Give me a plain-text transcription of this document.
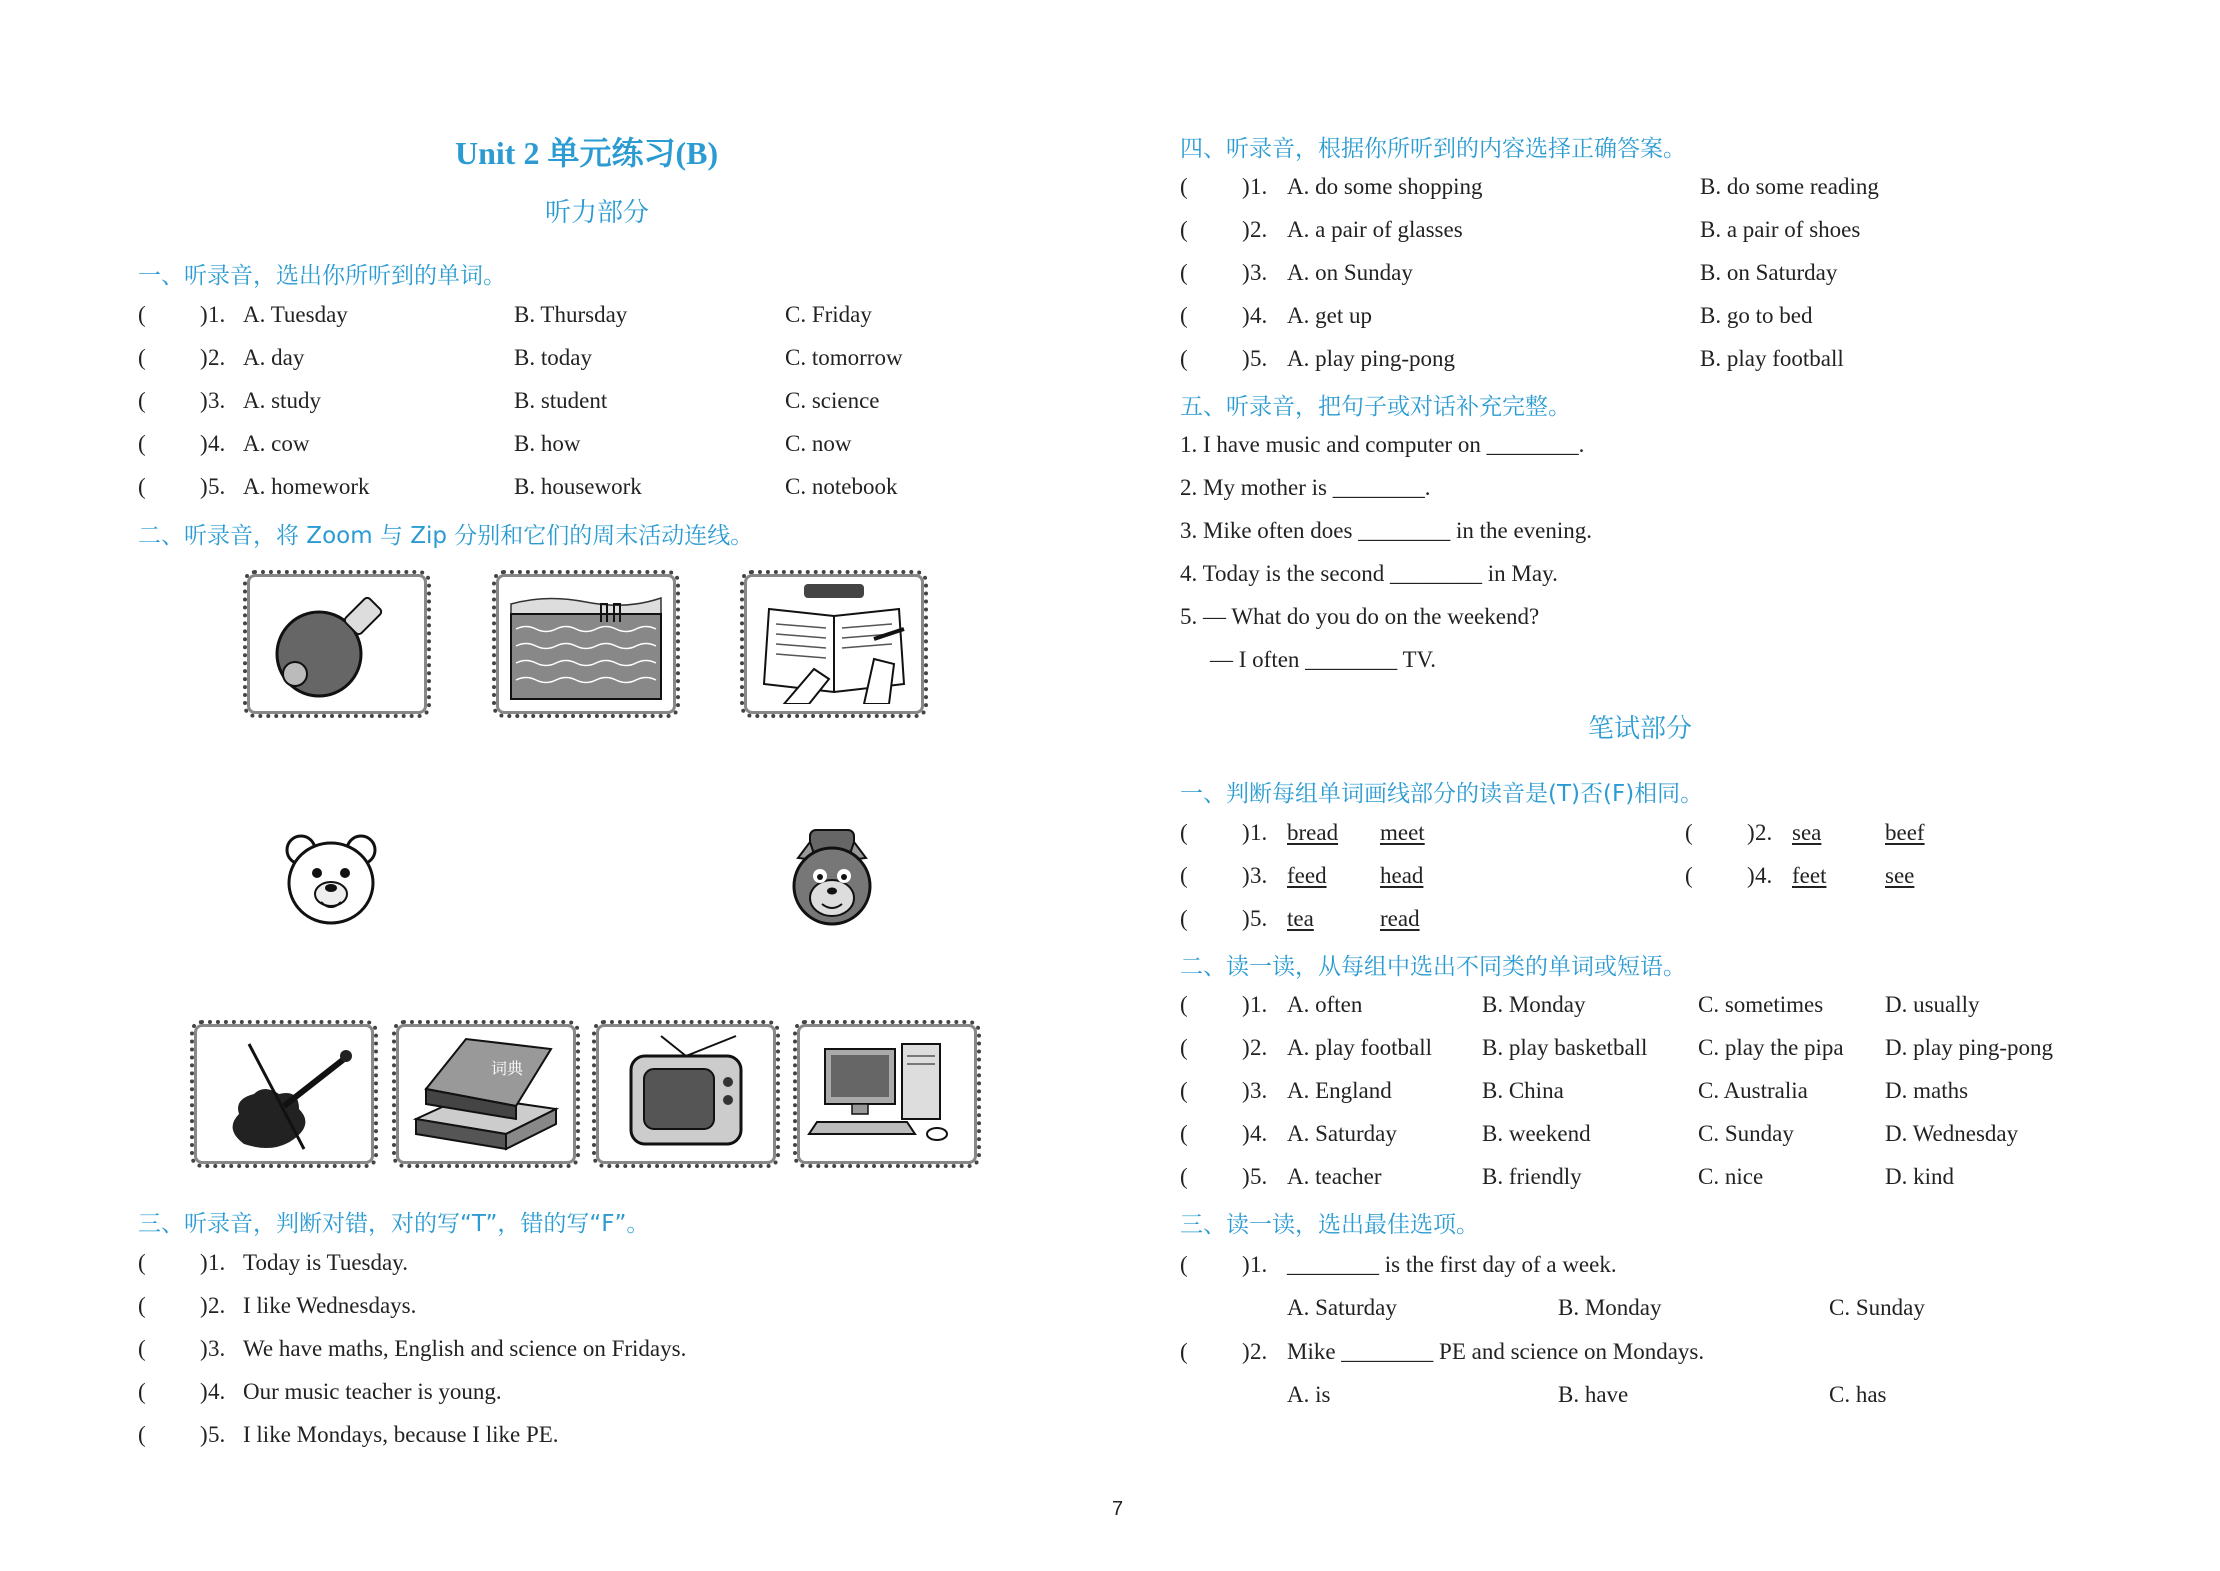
Unit 2 单元练习(B)
听力部分
一、听录音，选出你所听到的单词。
( ) 1. A. Tuesday	B. Thursday	C. Friday
( ) 2. A. day	B. today	C. tomorrow
( ) 3. A. study	B. student	C. science
( ) 4. A. cow	B. how	C. now
( ) 5. A. homework	B. housework	C. notebook
二、听录音，将 Zoom 与 Zip 分别和它们的周末活动连线。
词典
三、听录音，判断对错，对的写“T”，错的写“F”。
( ) 1. Today is Tuesday.
( ) 2. I like Wednesdays.
( ) 3. We have maths, English and science on Fridays.
( ) 4. Our music teacher is young.
( ) 5. I like Mondays, because I like PE.
四、听录音，根据你所听到的内容选择正确答案。
( ) 1. A. do some shopping	B. do some reading
( ) 2. A. a pair of glasses	B. a pair of shoes
( ) 3. A. on Sunday	B. on Saturday
( ) 4. A. get up	B. go to bed
( ) 5. A. play ping-pong	B. play football
五、听录音，把句子或对话补充完整。
1. I have music and computer on ________.
2. My mother is ________.
3. Mike often does ________ in the evening.
4. Today is the second ________ in May.
5. — What do you do on the weekend?
— I often ________ TV.
笔试部分
一、判断每组单词画线部分的读音是(T)否(F)相同。
( ) 1. bread meet	( ) 2. sea	beef
( ) 3. feed head	( ) 4. feet	see
( ) 5. tea	read
二、读一读，从每组中选出不同类的单词或短语。
( ) 1. A. often	B. Monday	C. sometimes	D. usually
( ) 2. A. play football B. play basketball C. play the pipa D. play ping-pong
( ) 3. A. England	B. China	C. Australia	D. maths
( ) 4. A. Saturday	B. weekend	C. Sunday	D. Wednesday
( ) 5. A. teacher	B. friendly	C. nice	D. kind
三、读一读，选出最佳选项。
( ) 1. ________ is the first day of a week.
A. Saturday	B. Monday	C. Sunday
( ) 2. Mike ________ PE and science on Mondays.
A. is	B. have	C. has
7
